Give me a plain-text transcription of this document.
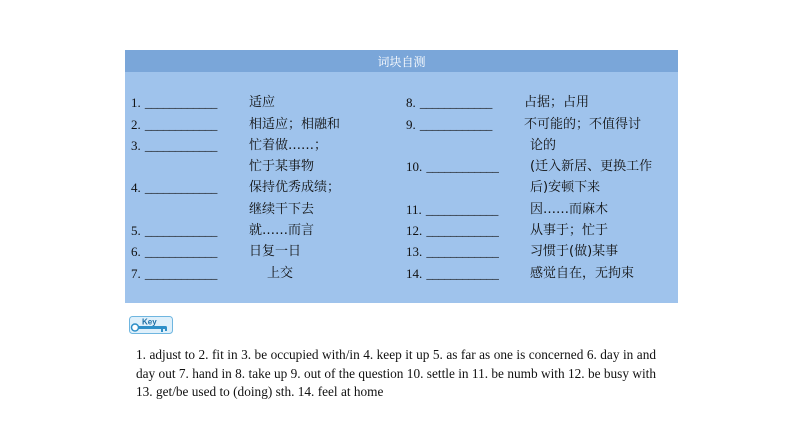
词块自测
1. ____________ 适应
2. ____________ 相适应；相融和
3. ____________ 忙着做……；
忙于某事物
4. ____________ 保持优秀成绩；
继续干下去
5. ____________ 就……而言
6. ____________ 日复一日
7. ____________	上交
8. ____________ 占据；占用
9. ____________ 不可能的；不值得讨
论的
10. ____________ (迁入新居、更换工作
后)安顿下来
11. ____________ 因……而麻木
12. ____________ 从事于；忙于
13. ____________ 习惯于(做)某事
14. ____________ 感觉自在，无拘束
Key
1. adjust to 2. fit in 3. be occupied with/in 4. keep it up 5. as far as one is concerned 6. day in and day out 7. hand in 8. take up 9. out of the question 10. settle in 11. be numb with 12. be busy with 13. get/be used to (doing) sth. 14. feel at home
